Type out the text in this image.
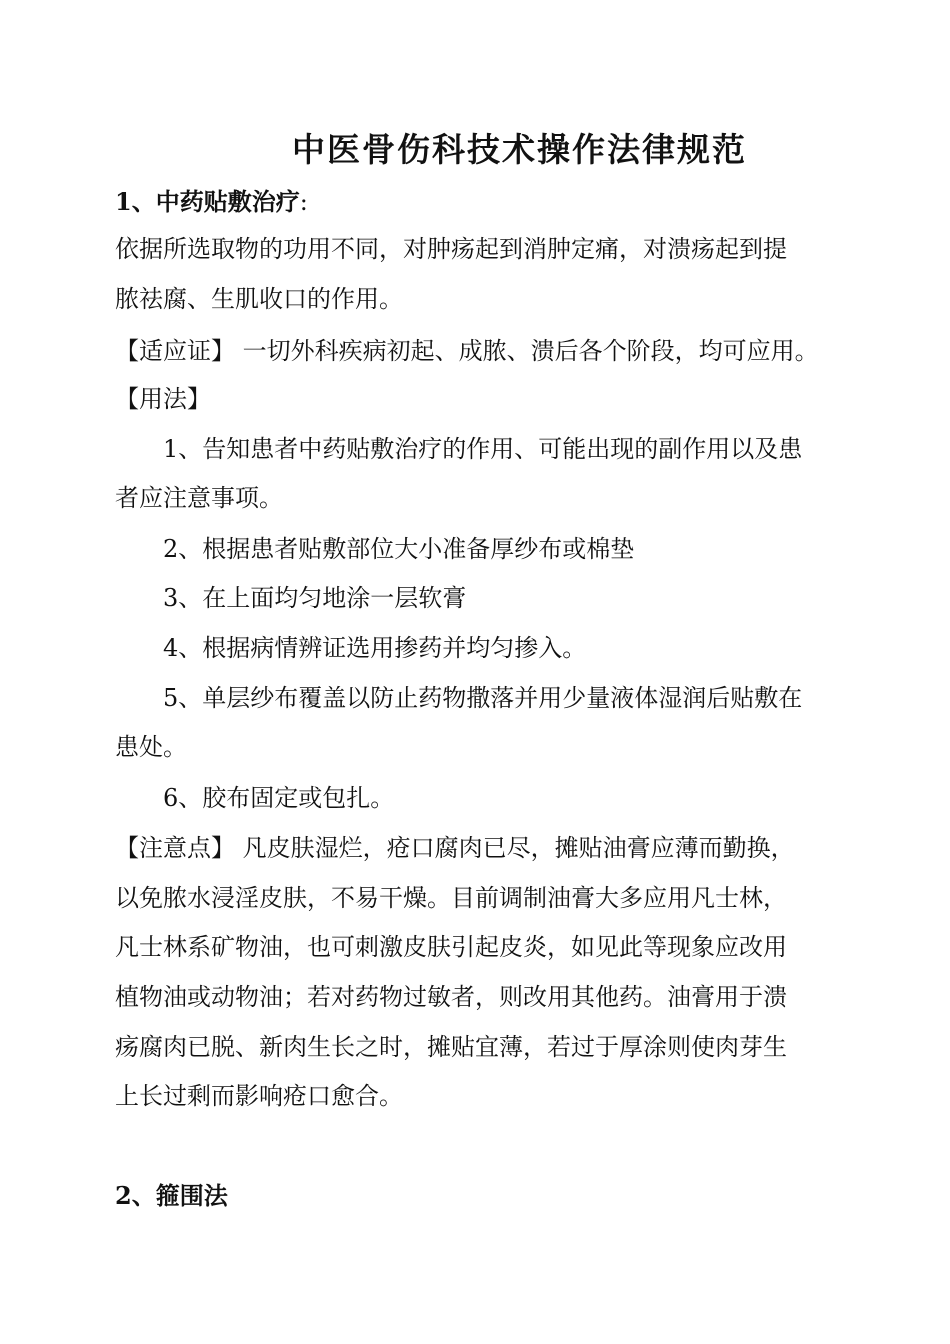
中医骨伤科技术操作法律规范
1、中药贴敷治疗:
依据所选取物的功用不同，对肿疡起到消肿定痛，对溃疡起到提
脓祛腐、生肌收口的作用。
【适应证】 一切外科疾病初起、成脓、溃后各个阶段，均可应用。
【用法】
1、告知患者中药贴敷治疗的作用、可能出现的副作用以及患
者应注意事项。
2、根据患者贴敷部位大小准备厚纱布或棉垫
3、在上面均匀地涂一层软膏
4、根据病情辨证选用掺药并均匀掺入。
5、单层纱布覆盖以防止药物撒落并用少量液体湿润后贴敷在
患处。
6、胶布固定或包扎。
【注意点】 凡皮肤湿烂，疮口腐肉已尽，摊贴油膏应薄而勤换，
以免脓水浸淫皮肤，不易干燥。目前调制油膏大多应用凡士林，
凡士林系矿物油，也可刺激皮肤引起皮炎，如见此等现象应改用
植物油或动物油；若对药物过敏者，则改用其他药。油膏用于溃
疡腐肉已脱、新肉生长之时，摊贴宜薄，若过于厚涂则使肉芽生
上长过剩而影响疮口愈合。
2、箍围法
